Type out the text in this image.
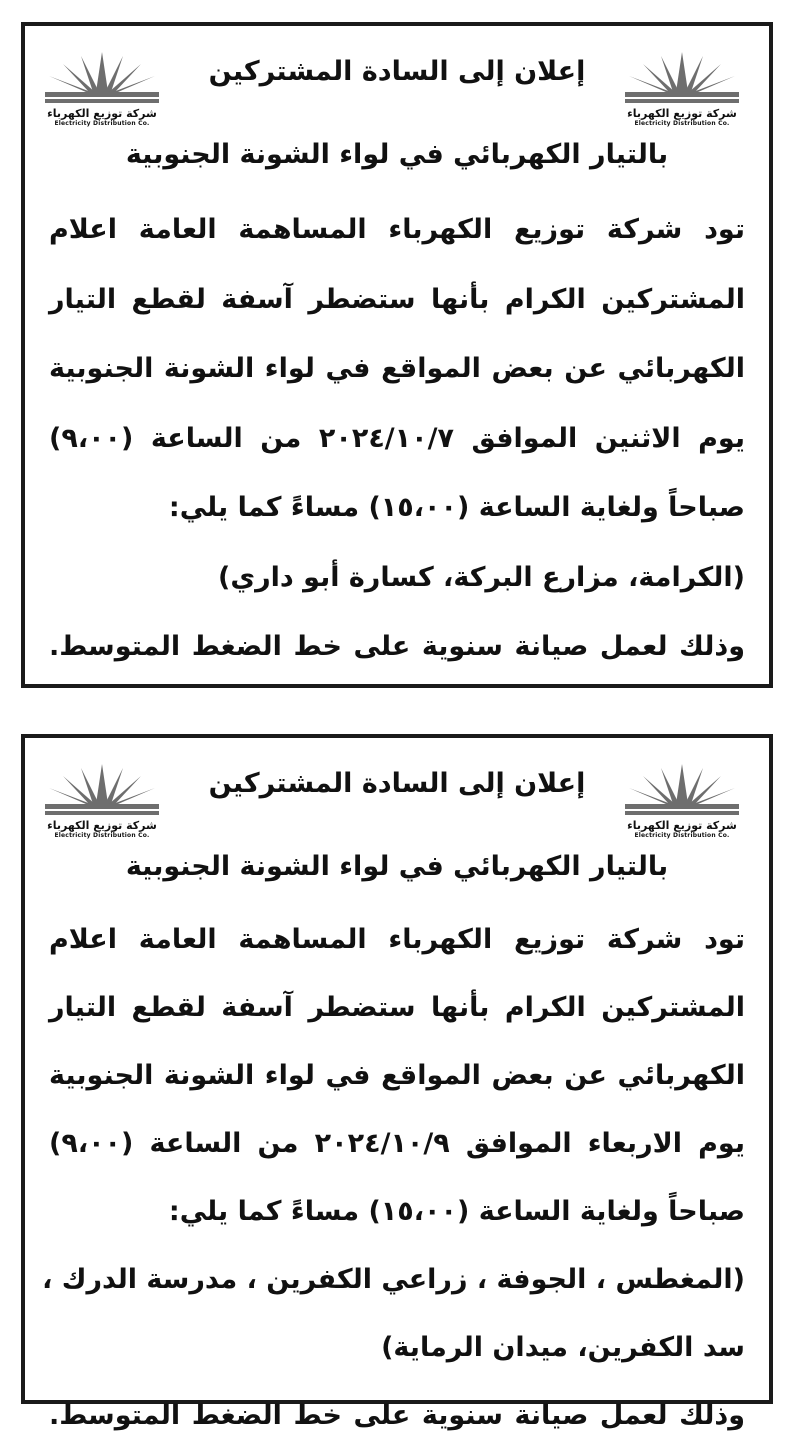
شركة توزيع الكهرباء
Electricity Distribution Co.
شركة توزيع الكهرباء
Electricity Distribution Co.
إعلان إلى السادة المشتركين
بالتيار الكهربائي في لواء الشونة الجنوبية
تود شركة توزيع الكهرباء المساهمة العامة اعلام
المشتركين الكرام بأنها ستضطر آسفة لقطع التيار
الكهربائي عن بعض المواقع في لواء الشونة الجنوبية
يوم الاثنين الموافق ٢٠٢٤/١٠/٧ من الساعة (٩،٠٠)
صباحاً ولغاية الساعة (١٥،٠٠) مساءً كما يلي:
(الكرامة، مزارع البركة، كسارة أبو داري)
وذلك لعمل صيانة سنوية على خط الضغط المتوسط.
شركة توزيع الكهرباء
Electricity Distribution Co.
شركة توزيع الكهرباء
Electricity Distribution Co.
إعلان إلى السادة المشتركين
بالتيار الكهربائي في لواء الشونة الجنوبية
تود شركة توزيع الكهرباء المساهمة العامة اعلام
المشتركين الكرام بأنها ستضطر آسفة لقطع التيار
الكهربائي عن بعض المواقع في لواء الشونة الجنوبية
يوم الاربعاء الموافق ٢٠٢٤/١٠/٩ من الساعة (٩،٠٠)
صباحاً ولغاية الساعة (١٥،٠٠) مساءً كما يلي:
(المغطس ، الجوفة ، زراعي الكفرين ، مدرسة الدرك ،
سد الكفرين، ميدان الرماية)
وذلك لعمل صيانة سنوية على خط الضغط المتوسط.
